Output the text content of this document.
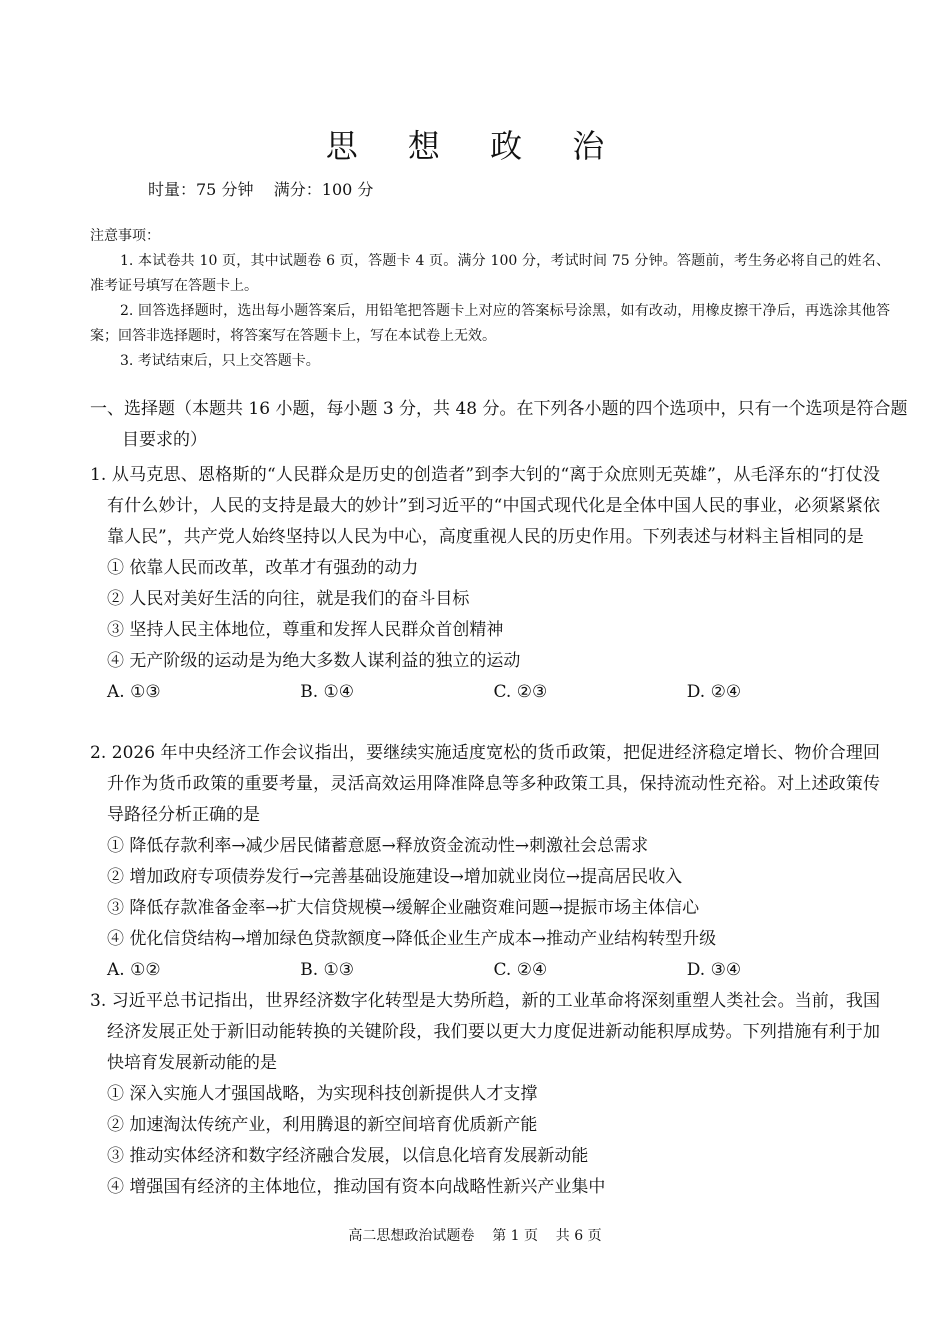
思 想 政 治
时量：75 分钟    满分：100 分

注意事项：

1. 本试卷共 10 页，其中试题卷 6 页，答题卡 4 页。满分 100 分，考试时间 75 分钟。答题前，考生务必将自己的姓名、准考证号填写在答题卡上。

2. 回答选择题时，选出每小题答案后，用铅笔把答题卡上对应的答案标号涂黑，如有改动，用橡皮擦干净后，再选涂其他答案；回答非选择题时，将答案写在答题卡上，写在本试卷上无效。

3. 考试结束后，只上交答题卡。

一、选择题（本题共 16 小题，每小题 3 分，共 48 分。在下列各小题的四个选项中，只有一个选项是符合题目要求的）

1. 从马克思、恩格斯的“人民群众是历史的创造者”到李大钊的“离于众庶则无英雄”，从毛泽东的“打仗没有什么妙计，人民的支持是最大的妙计”到习近平的“中国式现代化是全体中国人民的事业，必须紧紧依靠人民”，共产党人始终坚持以人民为中心，高度重视人民的历史作用。下列表述与材料主旨相同的是

① 依靠人民而改革，改革才有强劲的动力

② 人民对美好生活的向往，就是我们的奋斗目标

③ 坚持人民主体地位，尊重和发挥人民群众首创精神

④ 无产阶级的运动是为绝大多数人谋利益的独立的运动

A. ①③	B. ①④	C. ②③	D. ②④

2. 2026 年中央经济工作会议指出，要继续实施适度宽松的货币政策，把促进经济稳定增长、物价合理回升作为货币政策的重要考量，灵活高效运用降准降息等多种政策工具，保持流动性充裕。对上述政策传导路径分析正确的是

① 降低存款利率→减少居民储蓄意愿→释放资金流动性→刺激社会总需求

② 增加政府专项债券发行→完善基础设施建设→增加就业岗位→提高居民收入

③ 降低存款准备金率→扩大信贷规模→缓解企业融资难问题→提振市场主体信心

④ 优化信贷结构→增加绿色贷款额度→降低企业生产成本→推动产业结构转型升级

A. ①②	B. ①③	C. ②④	D. ③④

3. 习近平总书记指出，世界经济数字化转型是大势所趋，新的工业革命将深刻重塑人类社会。当前，我国经济发展正处于新旧动能转换的关键阶段，我们要以更大力度促进新动能积厚成势。下列措施有利于加快培育发展新动能的是

① 深入实施人才强国战略，为实现科技创新提供人才支撑

② 加速淘汰传统产业，利用腾退的新空间培育优质新产能

③ 推动实体经济和数字经济融合发展，以信息化培育发展新动能

④ 增强国有经济的主体地位，推动国有资本向战略性新兴产业集中

高二思想政治试题卷    第 1 页    共 6 页
